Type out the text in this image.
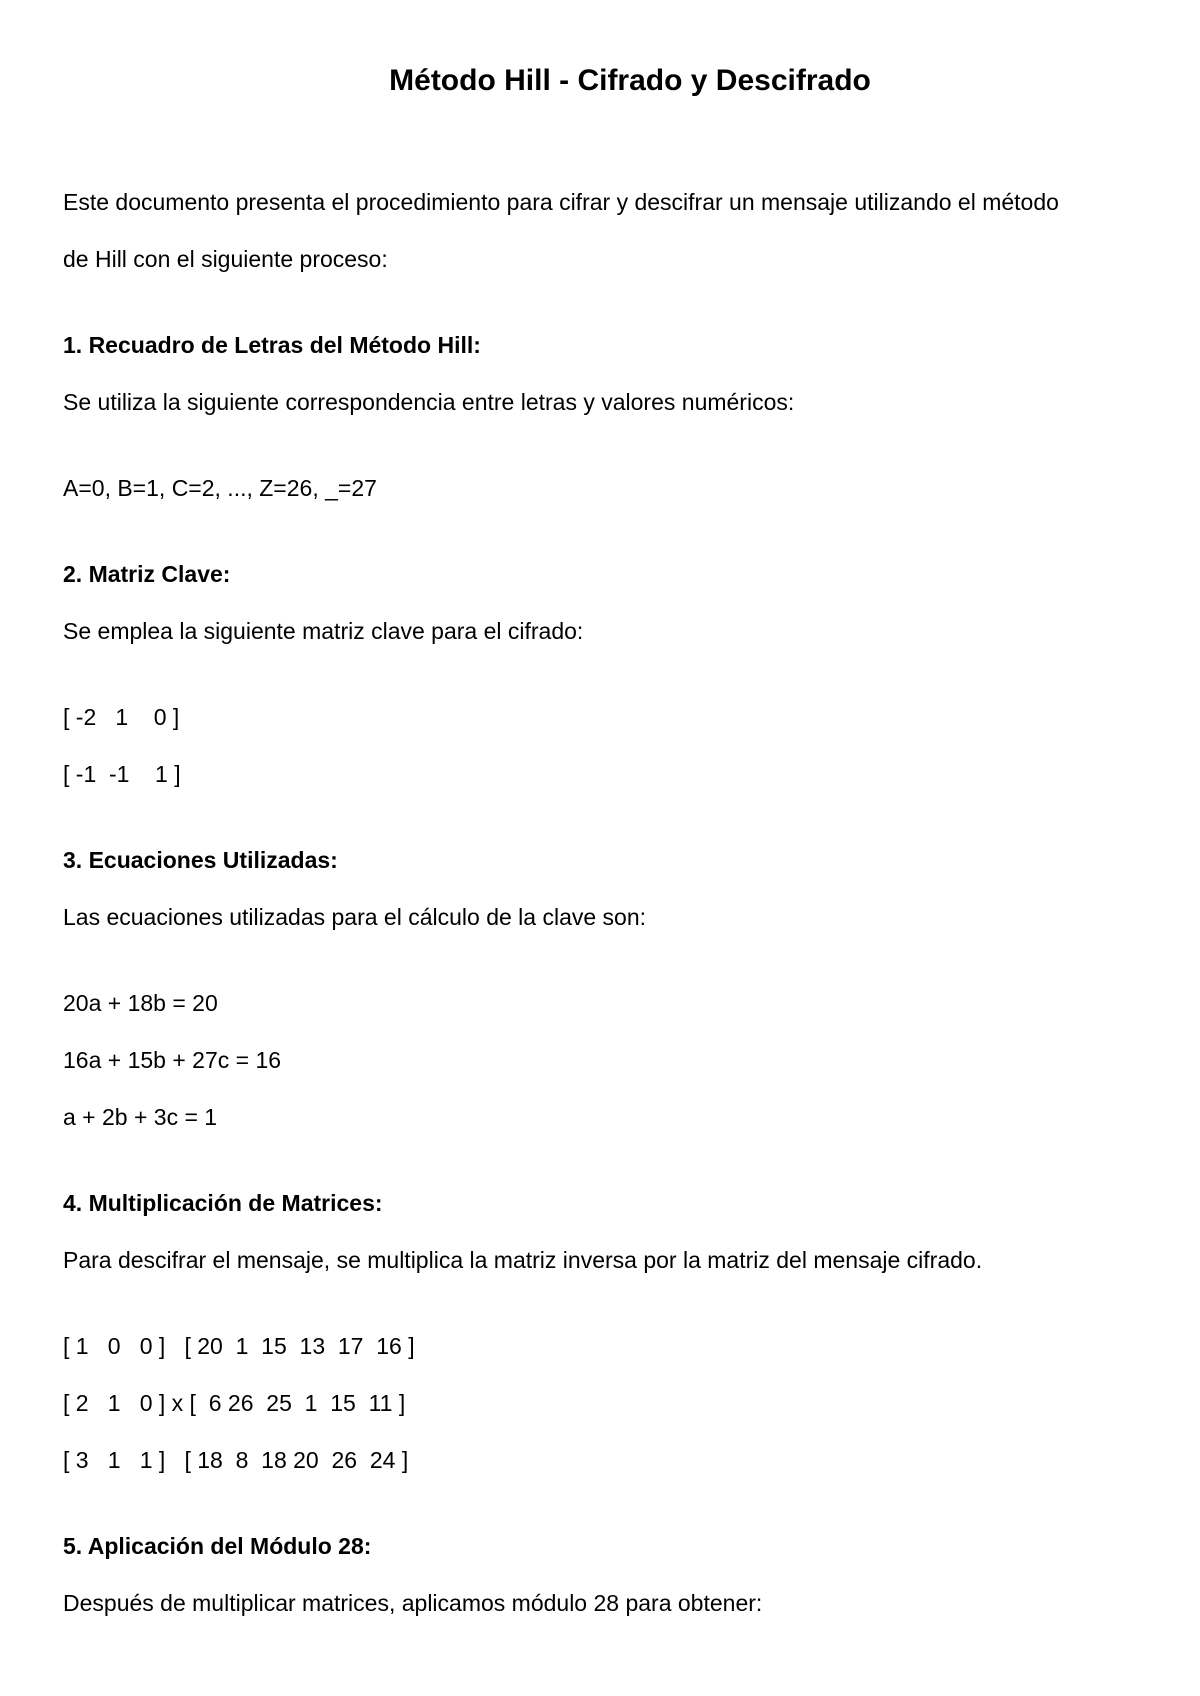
Método Hill - Cifrado y Descifrado

Este documento presenta el procedimiento para cifrar y descifrar un mensaje utilizando el método

de Hill con el siguiente proceso:

1. Recuadro de Letras del Método Hill:

Se utiliza la siguiente correspondencia entre letras y valores numéricos:

A=0, B=1, C=2, ..., Z=26, _=27

2. Matriz Clave:

Se emplea la siguiente matriz clave para el cifrado:

[ -2   1    0 ]

[ -1  -1    1 ]

3. Ecuaciones Utilizadas:

Las ecuaciones utilizadas para el cálculo de la clave son:

20a + 18b = 20

16a + 15b + 27c = 16

a + 2b + 3c = 1

4. Multiplicación de Matrices:

Para descifrar el mensaje, se multiplica la matriz inversa por la matriz del mensaje cifrado.

[ 1   0   0 ]   [ 20  1  15  13  17  16 ]

[ 2   1   0 ] x [  6 26  25  1  15  11 ]

[ 3   1   1 ]   [ 18  8  18 20  26  24 ]

5. Aplicación del Módulo 28:

Después de multiplicar matrices, aplicamos módulo 28 para obtener:
